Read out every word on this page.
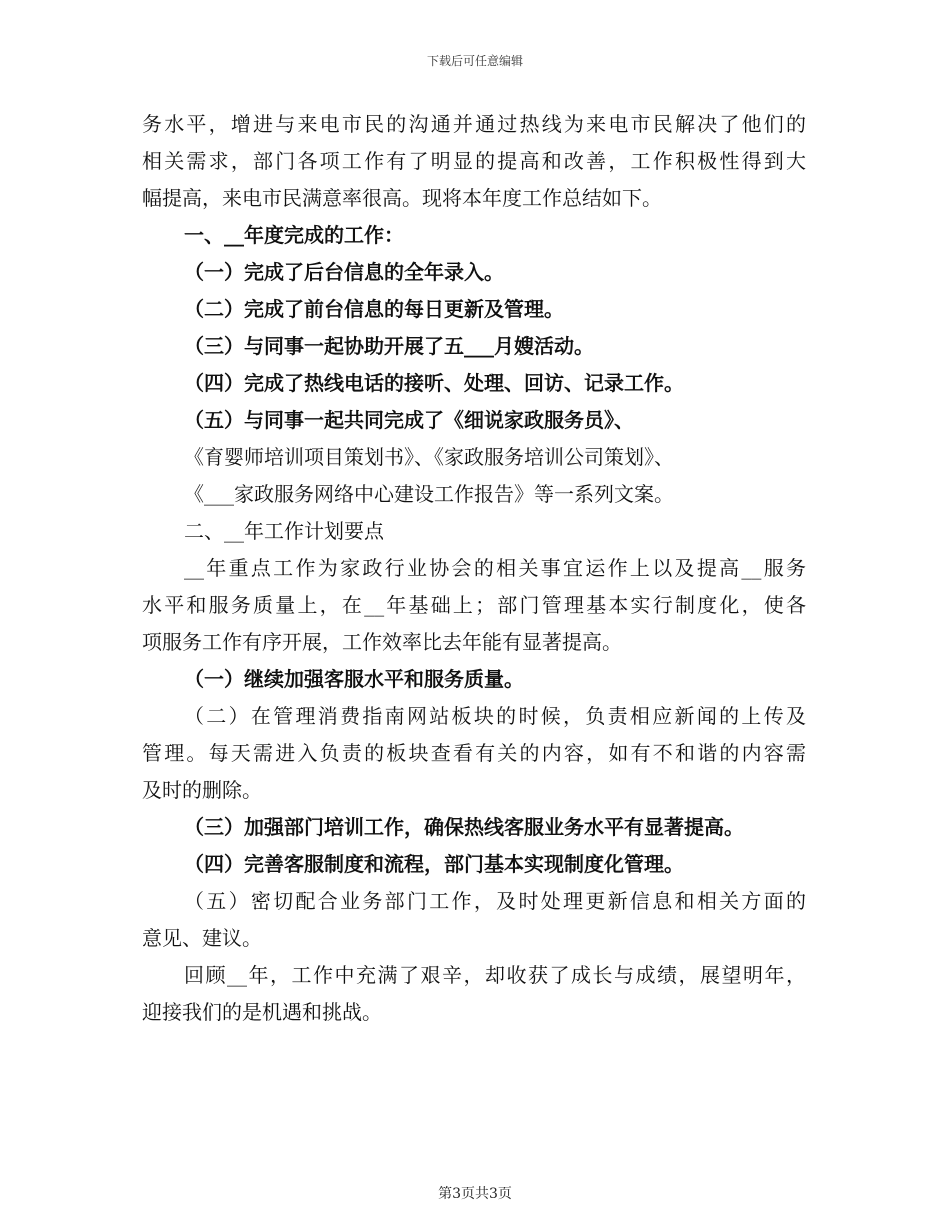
下载后可任意编辑
务水平，增进与来电市民的沟通并通过热线为来电市民解决了他们的
相关需求，部门各项工作有了明显的提高和改善，工作积极性得到大
幅提高，来电市民满意率很高。现将本年度工作总结如下。
一、__年度完成的工作：
（一）完成了后台信息的全年录入。
（二）完成了前台信息的每日更新及管理。
（三）与同事一起协助开展了五___月嫂活动。
（四）完成了热线电话的接听、处理、回访、记录工作。
（五）与同事一起共同完成了《细说家政服务员》、
《育婴师培训项目策划书》、《家政服务培训公司策划》、
《___家政服务网络中心建设工作报告》等一系列文案。
二、__年工作计划要点
__年重点工作为家政行业协会的相关事宜运作上以及提高__服务
水平和服务质量上，在__年基础上；部门管理基本实行制度化，使各
项服务工作有序开展，工作效率比去年能有显著提高。
（一）继续加强客服水平和服务质量。
（二）在管理消费指南网站板块的时候，负责相应新闻的上传及
管理。每天需进入负责的板块查看有关的内容，如有不和谐的内容需
及时的删除。
（三）加强部门培训工作，确保热线客服业务水平有显著提高。
（四）完善客服制度和流程，部门基本实现制度化管理。
（五）密切配合业务部门工作，及时处理更新信息和相关方面的
意见、建议。
回顾__年，工作中充满了艰辛，却收获了成长与成绩，展望明年，
迎接我们的是机遇和挑战。
第3页共3页
